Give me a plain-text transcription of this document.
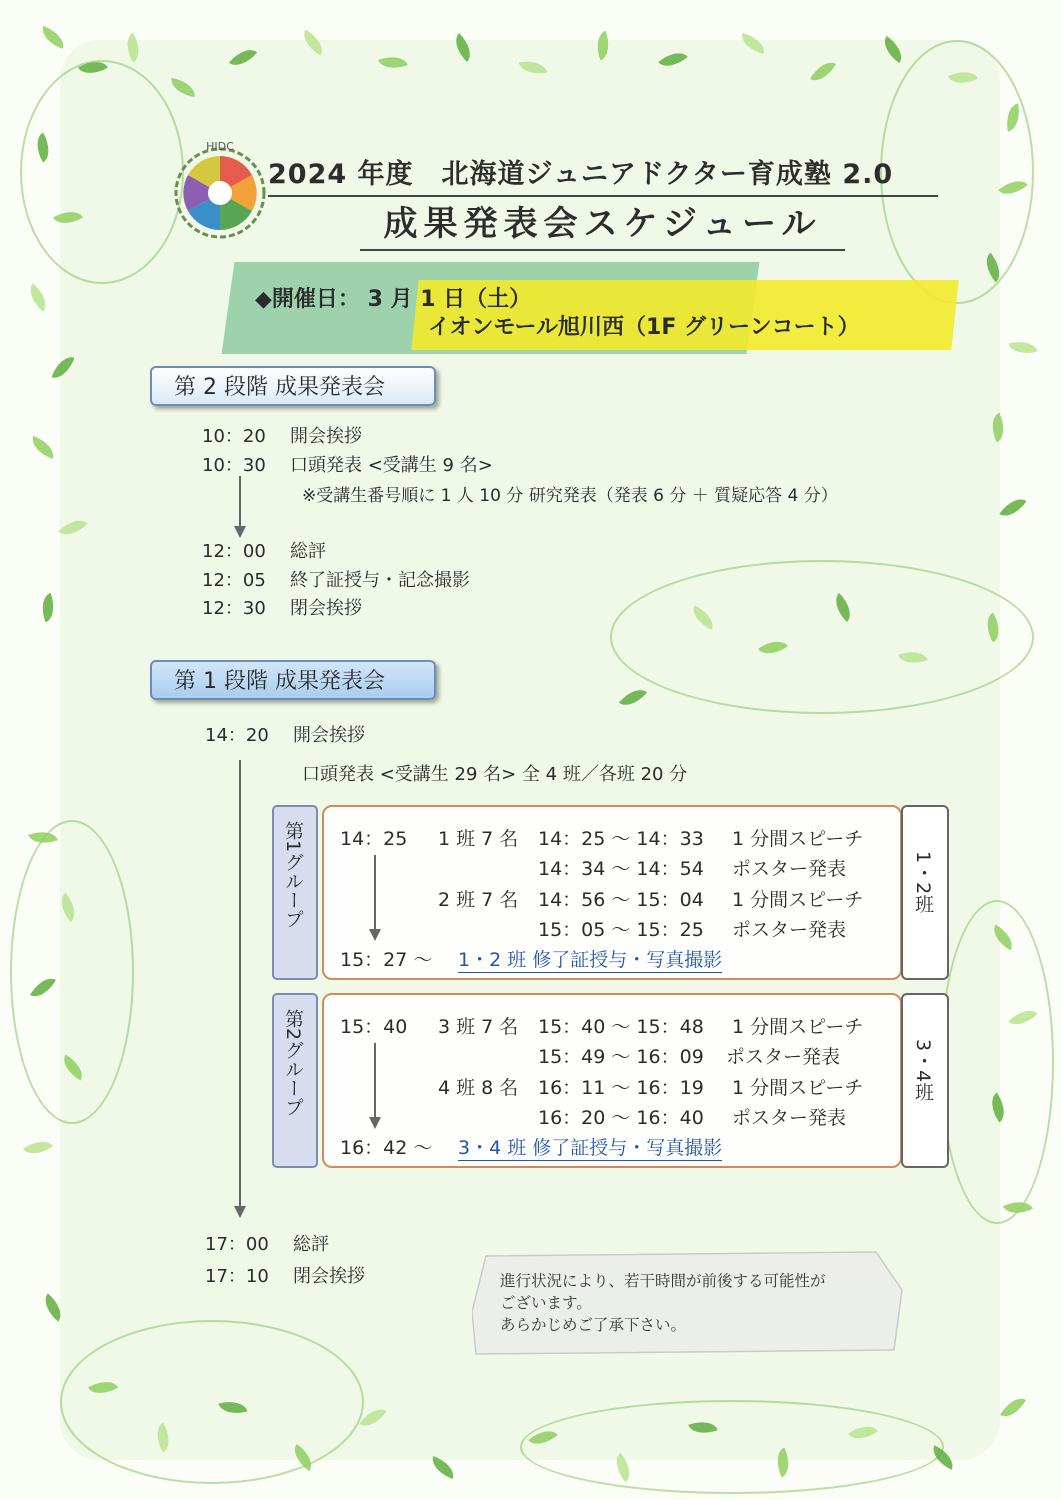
HIDC
2024 年度　北海道ジュニアドクター育成塾 2.0
成果発表会スケジュール
◆開催日： 3 月 1 日（土）
イオンモール旭川西（1F グリーンコート）
第 2 段階 成果発表会
10：20 開会挨拶
10：30 口頭発表 <受講生 9 名>
※受講生番号順に 1 人 10 分 研究発表（発表 6 分 ＋ 質疑応答 4 分）
12：00 総評
12：05 終了証授与・記念撮影
12：30 閉会挨拶
第 1 段階 成果発表会
14：20 開会挨拶
口頭発表 <受講生 29 名> 全 4 班／各班 20 分
第1グループ 14：25 1 班 7 名 14：25 〜 14：33 1 分間スピーチ
14：34 〜 14：54 ポスター発表
2 班 7 名 14：56 〜 15：04 1 分間スピーチ
15：05 〜 15：25 ポスター発表
15：27 〜 1・2 班 修了証授与・写真撮影
1・2班
第2グループ 15：40 3 班 7 名 15：40 〜 15：48 1 分間スピーチ
15：49 〜 16：09 ポスター発表
4 班 8 名 16：11 〜 16：19 1 分間スピーチ
16：20 〜 16：40 ポスター発表
16：42 〜 3・4 班 修了証授与・写真撮影
3・4班
17：00 総評
17：10 閉会挨拶	進行状況により、若干時間が前後する可能性が
ございます。
あらかじめご了承下さい。
